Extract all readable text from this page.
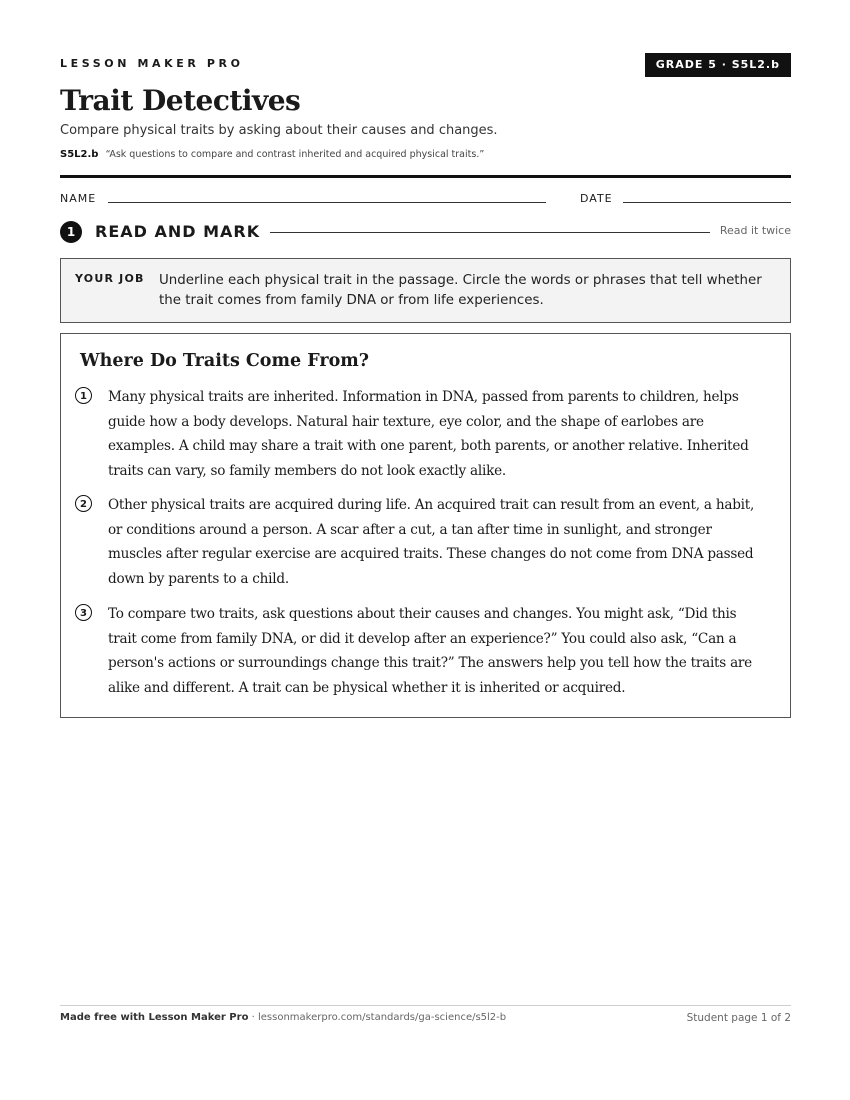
LESSON MAKER PRO	GRADE 5 · S5L2.b
Trait Detectives
Compare physical traits by asking about their causes and changes.
S5L2.b “Ask questions to compare and contrast inherited and acquired physical traits.”
NAME	DATE
1	READ AND MARK	Read it twice
YOUR JOB Underline each physical trait in the passage. Circle the words or phrases that tell whether the trait comes from family DNA or from life experiences.
Where Do Traits Come From?
1	Many physical traits are inherited. Information in DNA, passed from parents to children, helps guide how a body develops. Natural hair texture, eye color, and the shape of earlobes are examples. A child may share a trait with one parent, both parents, or another relative. Inherited traits can vary, so family members do not look exactly alike.

2	Other physical traits are acquired during life. An acquired trait can result from an event, a habit, or conditions around a person. A scar after a cut, a tan after time in sunlight, and stronger muscles after regular exercise are acquired traits. These changes do not come from DNA passed down by parents to a child.

3	To compare two traits, ask questions about their causes and changes. You might ask, “Did this trait come from family DNA, or did it develop after an experience?” You could also ask, “Can a person's actions or surroundings change this trait?” The answers help you tell how the traits are alike and different. A trait can be physical whether it is inherited or acquired.

Made free with Lesson Maker Pro · lessonmakerpro.com/standards/ga-science/s5l2-b	Student page 1 of 2
